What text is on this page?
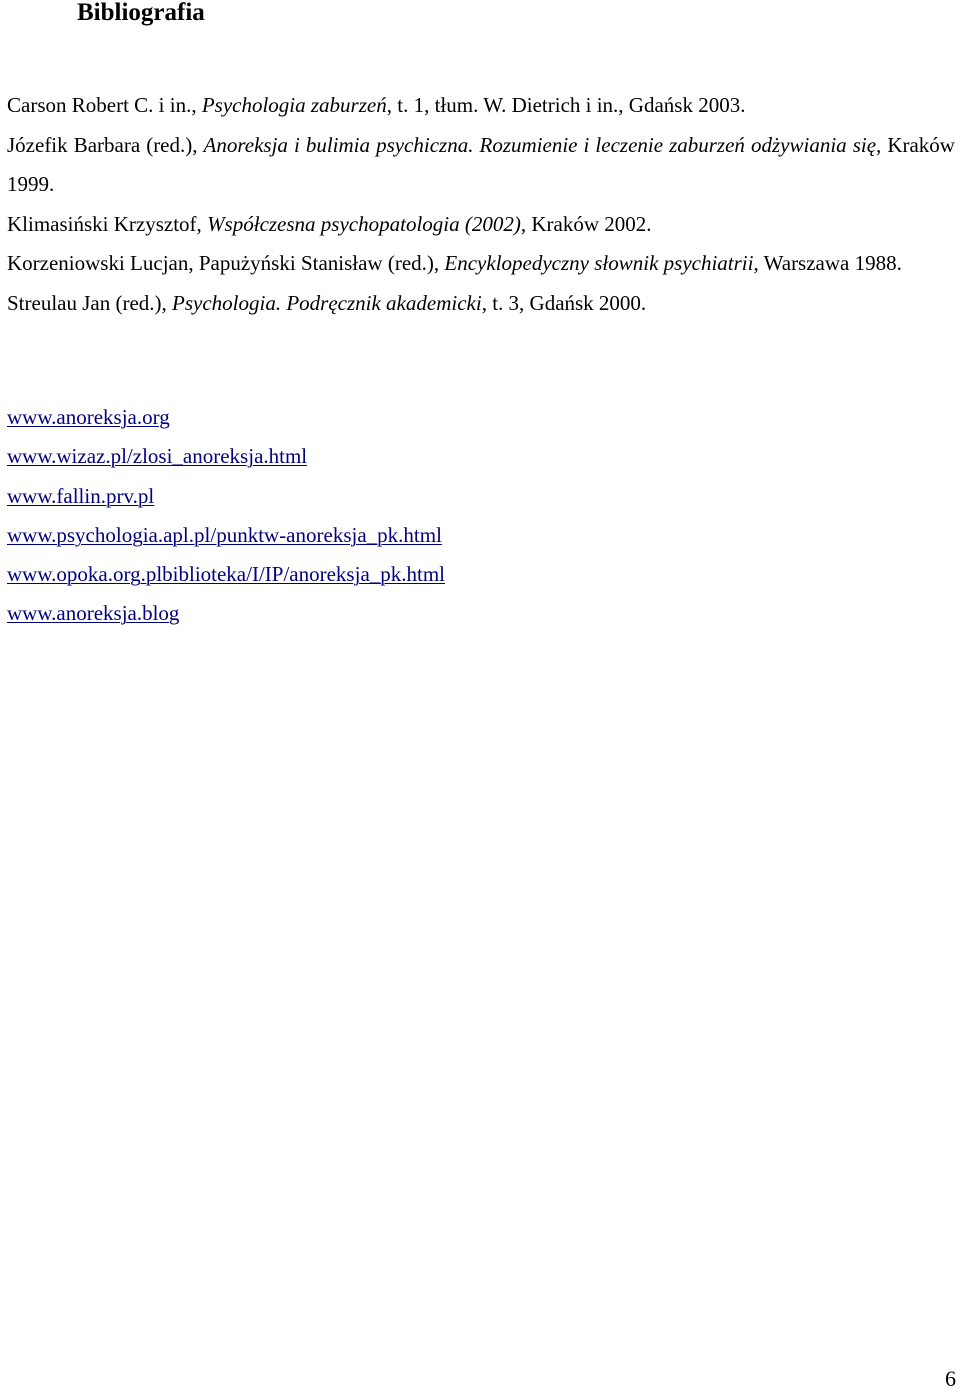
Bibliografia

Carson Robert C. i in., Psychologia zaburzeń, t. 1, tłum. W. Dietrich i in., Gdańsk 2003.

Józefik Barbara (red.), Anoreksja i bulimia psychiczna. Rozumienie i leczenie zaburzeń odżywiania się, Kraków 1999.

Klimasiński Krzysztof, Współczesna psychopatologia (2002), Kraków 2002.

Korzeniowski Lucjan, Papużyński Stanisław (red.), Encyklopedyczny słownik psychiatrii, Warszawa 1988.

Streulau Jan (red.), Psychologia. Podręcznik akademicki, t. 3, Gdańsk 2000.

www.anoreksja.org
www.wizaz.pl/zlosi_anoreksja.html
www.fallin.prv.pl
www.psychologia.apl.pl/punktw-anoreksja_pk.html
www.opoka.org.plbiblioteka/I/IP/anoreksja_pk.html
www.anoreksja.blog
6
